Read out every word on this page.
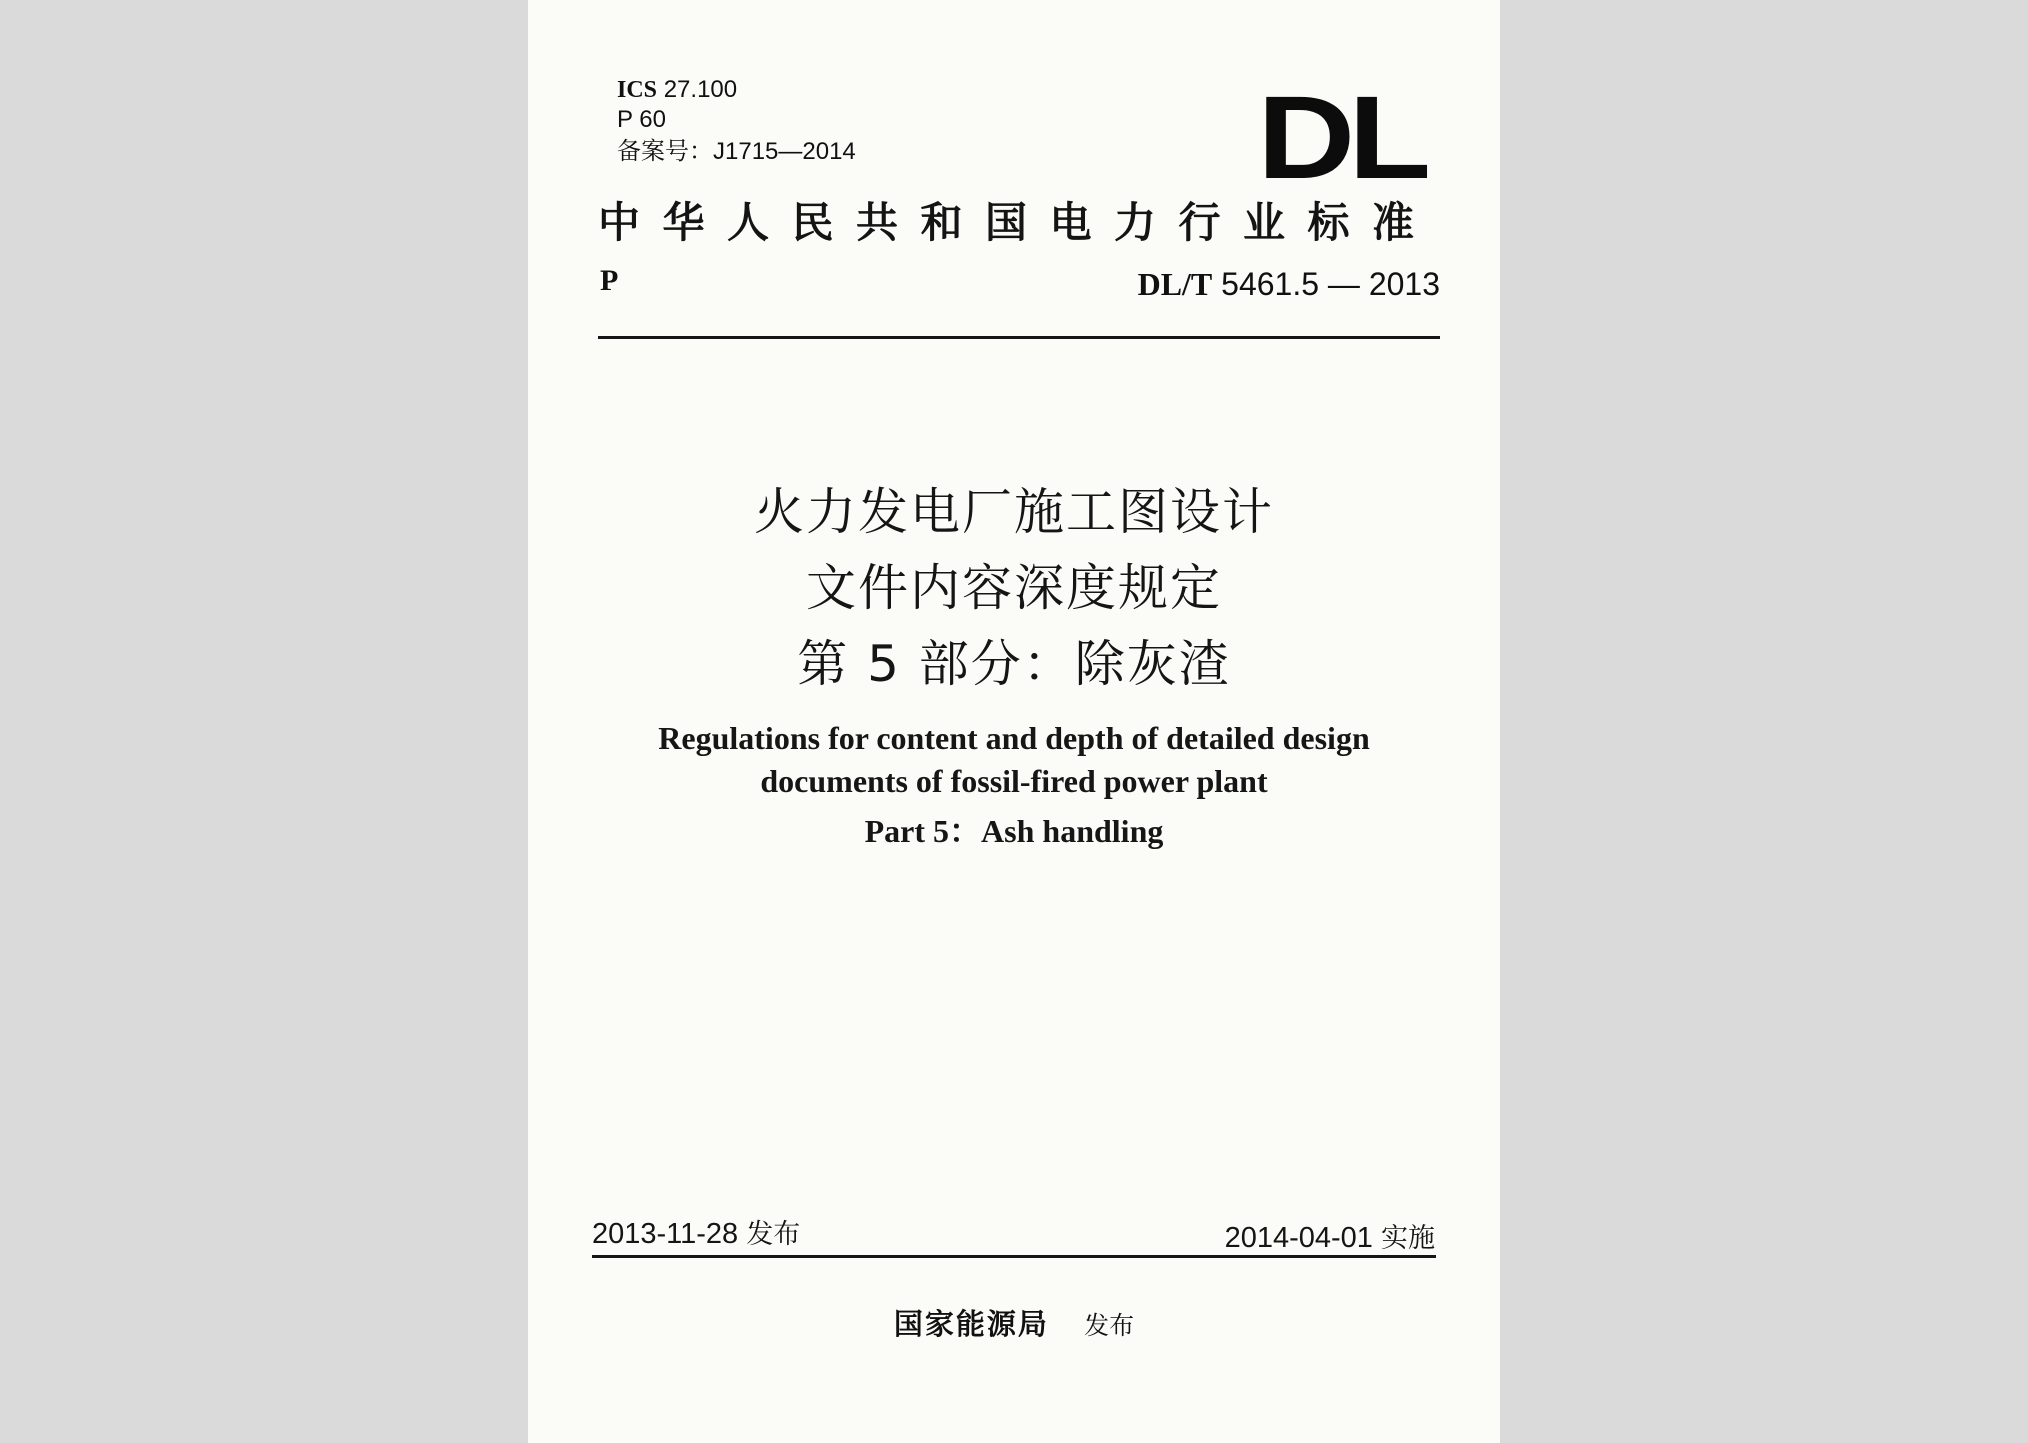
ICS 27.100
P 60
备案号：J1715—2014	DL
中华人民共和国电力行业标准
P	DL/T 5461.5 — 2013
火力发电厂施工图设计
文件内容深度规定
第 5 部分：除灰渣
Regulations for content and depth of detailed design
documents of fossil-fired power plant
Part 5：Ash handling
2013-11-28 发布	2014-04-01 实施
国家能源局 发布
